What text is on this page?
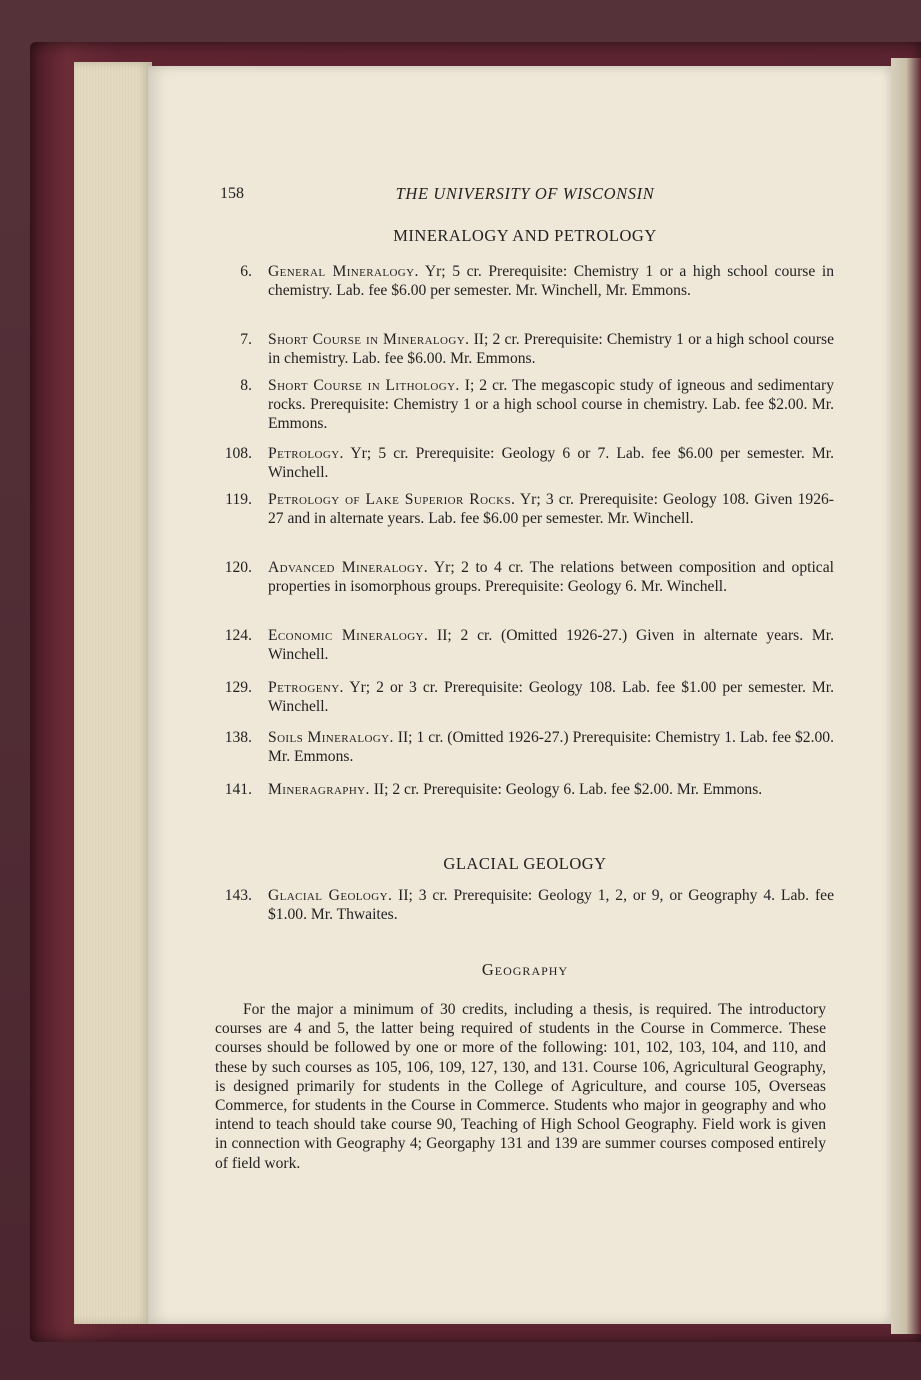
158	THE UNIVERSITY OF WISCONSIN
MINERALOGY AND PETROLOGY
6. General Mineralogy. Yr; 5 cr. Prerequisite: Chemistry 1 or a high school course in chemistry. Lab. fee $6.00 per semester. Mr. Winchell, Mr. Emmons.
7. Short Course in Mineralogy. II; 2 cr. Prerequisite: Chemistry 1 or a high school course in chemistry. Lab. fee $6.00. Mr. Emmons.
8. Short Course in Lithology. I; 2 cr. The megascopic study of igneous and sedimentary rocks. Prerequisite: Chemistry 1 or a high school course in chemistry. Lab. fee $2.00. Mr. Emmons.
108. Petrology. Yr; 5 cr. Prerequisite: Geology 6 or 7. Lab. fee $6.00 per semester. Mr. Winchell.
119. Petrology of Lake Superior Rocks. Yr; 3 cr. Prerequisite: Geology 108. Given 1926-27 and in alternate years. Lab. fee $6.00 per semester. Mr. Winchell.
120. Advanced Mineralogy. Yr; 2 to 4 cr. The relations between composition and optical properties in isomorphous groups. Prerequisite: Geology 6. Mr. Winchell.
124. Economic Mineralogy. II; 2 cr. (Omitted 1926-27.) Given in alternate years. Mr. Winchell.
129. Petrogeny. Yr; 2 or 3 cr. Prerequisite: Geology 108. Lab. fee $1.00 per semester. Mr. Winchell.
138. Soils Mineralogy. II; 1 cr. (Omitted 1926-27.) Prerequisite: Chemistry 1. Lab. fee $2.00. Mr. Emmons.
141. Mineragraphy. II; 2 cr. Prerequisite: Geology 6. Lab. fee $2.00. Mr. Emmons.
GLACIAL GEOLOGY
143. Glacial Geology. II; 3 cr. Prerequisite: Geology 1, 2, or 9, or Geography 4. Lab. fee $1.00. Mr. Thwaites.
Geography
For the major a minimum of 30 credits, including a thesis, is required. The introductory courses are 4 and 5, the latter being required of students in the Course in Commerce. These courses should be followed by one or more of the following: 101, 102, 103, 104, and 110, and these by such courses as 105, 106, 109, 127, 130, and 131. Course 106, Agricultural Geography, is designed primarily for students in the College of Agriculture, and course 105, Overseas Commerce, for students in the Course in Commerce. Students who major in geography and who intend to teach should take course 90, Teaching of High School Geography. Field work is given in connection with Geography 4; Georgaphy 131 and 139 are summer courses composed entirely of field work.
